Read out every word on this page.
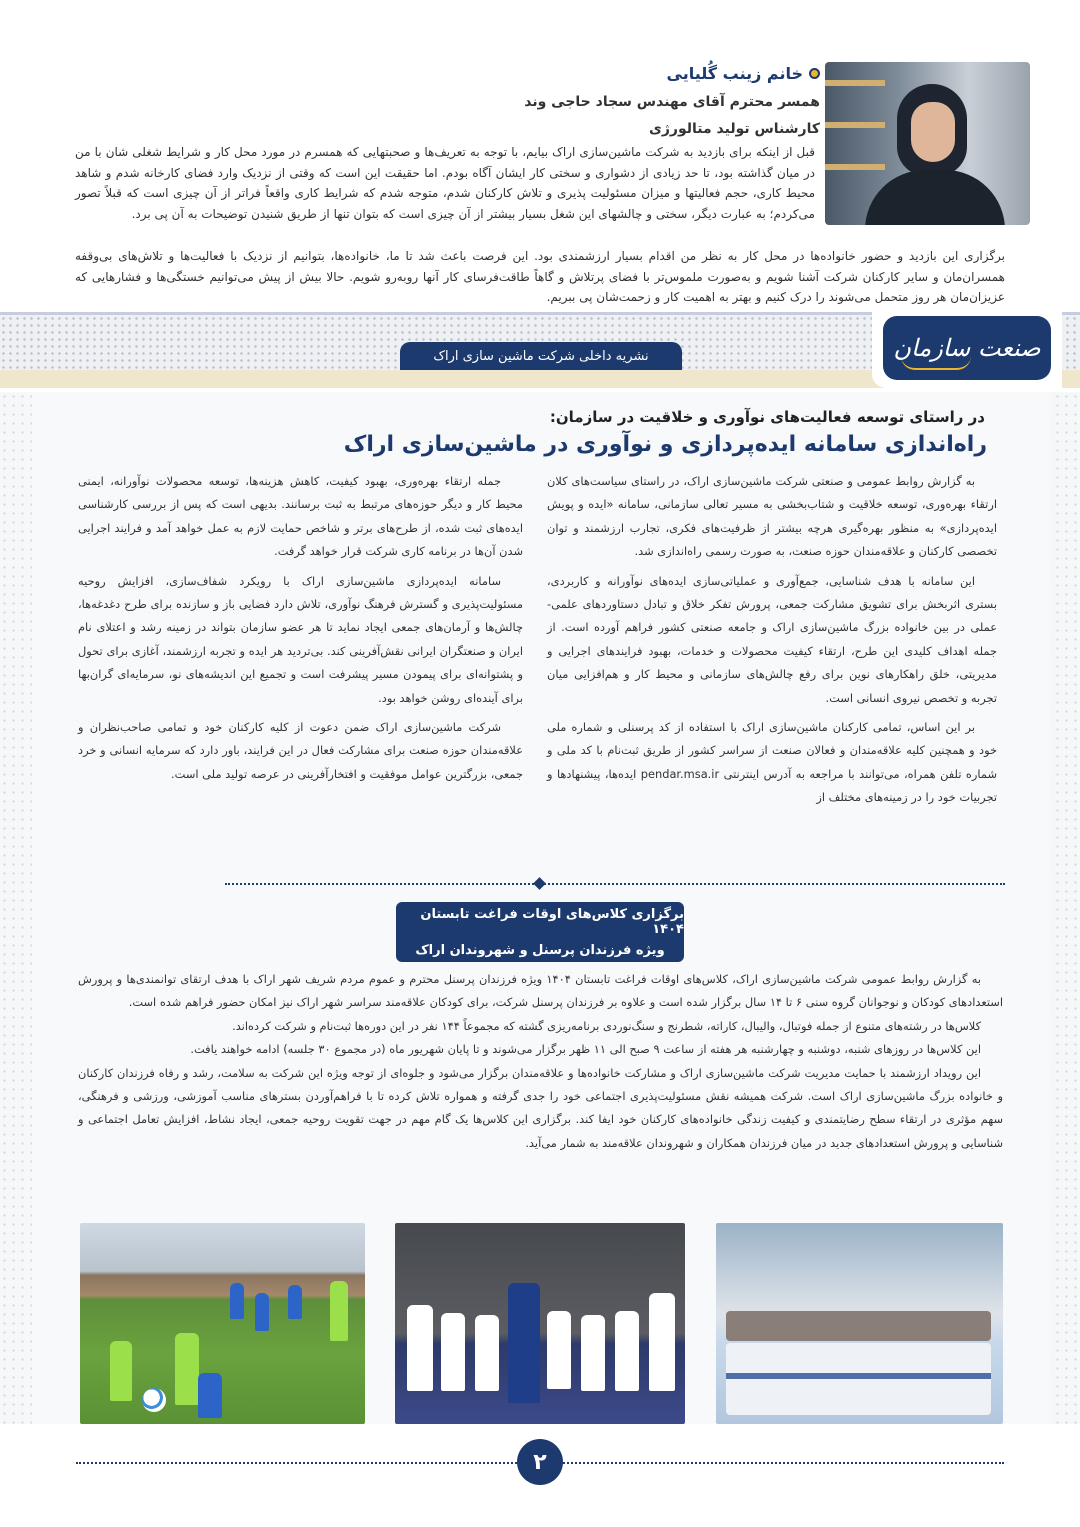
خانم زینب گُلیایی
همسر محترم آقای مهندس سجاد حاجی وند
کارشناس تولید متالورژی
قبل از اینکه برای بازدید به شرکت ماشین‌سازی اراک بیایم، با توجه به تعریف‌ها و صحبتهایی که همسرم در مورد محل کار و شرایط شغلی شان با من در میان گذاشته بود، تا حد زیادی از دشواری و سختی کار ایشان آگاه بودم. اما حقیقت این است که وقتی از نزدیک وارد فضای کارخانه شدم و شاهد محیط کاری، حجم فعالیتها و میزان مسئولیت پذیری و تلاش کارکنان شدم، متوجه شدم که شرایط کاری واقعاً فراتر از آن چیزی است که قبلاً تصور می‌کردم؛ به عبارت دیگر، سختی و چالشهای این شغل بسیار بیشتر از آن چیزی است که بتوان تنها از طریق شنیدن توضیحات به آن پی برد.
برگزاری این بازدید و حضور خانواده‌ها در محل کار به نظر من اقدام بسیار ارزشمندی بود. این فرصت باعث شد تا ما، خانواده‌ها، بتوانیم از نزدیک با فعالیت‌ها و تلاش‌های بی‌وقفه همسران‌مان و سایر کارکنان شرکت آشنا شویم و به‌صورت ملموس‌تر با فضای پرتلاش و گاهاً طاقت‌فرسای کار آنها روبه‌رو شویم. حالا بیش از پیش می‌توانیم خستگی‌ها و فشارهایی که عزیزان‌مان هر روز متحمل می‌شوند را درک کنیم و بهتر به اهمیت کار و زحمت‌شان پی ببریم.
صنعت سازمان
نشریه داخلی شرکت ماشین سازی اراک
در راستای توسعه فعالیت‌های نوآوری و خلاقیت در سازمان:
راه‌اندازی سامانه ایده‌پردازی و نوآوری در ماشین‌سازی اراک

به گزارش روابط عمومی و صنعتی شرکت ماشین‌سازی اراک، در راستای سیاست‌های کلان ارتقاء بهره‌وری، توسعه خلاقیت و شتاب‌بخشی به مسیر تعالی سازمانی، سامانه «ایده و پویش ایده‌پردازی» به منظور بهره‌گیری هرچه بیشتر از ظرفیت‌های فکری، تجارب ارزشمند و توان تخصصی کارکنان و علاقه‌مندان حوزه صنعت، به صورت رسمی راه‌اندازی شد.

این سامانه با هدف شناسایی، جمع‌آوری و عملیاتی‌سازی ایده‌های نوآورانه و کاربردی، بستری اثربخش برای تشویق مشارکت جمعی، پرورش تفکر خلاق و تبادل دستاوردهای علمی-عملی در بین خانواده بزرگ ماشین‌سازی اراک و جامعه صنعتی کشور فراهم آورده است. از جمله اهداف کلیدی این طرح، ارتقاء کیفیت محصولات و خدمات، بهبود فرایندهای اجرایی و مدیریتی، خلق راهکارهای نوین برای رفع چالش‌های سازمانی و محیط کار و هم‌افزایی میان تجربه و تخصص نیروی انسانی است.

بر این اساس، تمامی کارکنان ماشین‌سازی اراک با استفاده از کد پرسنلی و شماره ملی خود و همچنین کلیه علاقه‌مندان و فعالان صنعت از سراسر کشور از طریق ثبت‌نام با کد ملی و شماره تلفن همراه، می‌توانند با مراجعه به آدرس اینترنتی pendar.msa.ir ایده‌ها، پیشنهادها و تجربیات خود را در زمینه‌های مختلف از

جمله ارتقاء بهره‌وری، بهبود کیفیت، کاهش هزینه‌ها، توسعه محصولات نوآورانه، ایمنی محیط کار و دیگر حوزه‌های مرتبط به ثبت برسانند. بدیهی است که پس از بررسی کارشناسی ایده‌های ثبت شده، از طرح‌های برتر و شاخص حمایت لازم به عمل خواهد آمد و فرایند اجرایی شدن آن‌ها در برنامه کاری شرکت قرار خواهد گرفت.

سامانه ایده‌پردازی ماشین‌سازی اراک با رویکرد شفاف‌سازی، افزایش روحیه مسئولیت‌پذیری و گسترش فرهنگ نوآوری، تلاش دارد فضایی باز و سازنده برای طرح دغدغه‌ها، چالش‌ها و آرمان‌های جمعی ایجاد نماید تا هر عضو سازمان بتواند در زمینه رشد و اعتلای نام ایران و صنعتگران ایرانی نقش‌آفرینی کند. بی‌تردید هر ایده و تجربه ارزشمند، آغازی برای تحول و پشتوانه‌ای برای پیمودن مسیر پیشرفت است و تجمیع این اندیشه‌های نو، سرمایه‌ای گران‌بها برای آینده‌ای روشن خواهد بود.

شرکت ماشین‌سازی اراک ضمن دعوت از کلیه کارکنان خود و تمامی صاحب‌نظران و علاقه‌مندان حوزه صنعت برای مشارکت فعال در این فرایند، باور دارد که سرمایه انسانی و خرد جمعی، بزرگترین عوامل موفقیت و افتخارآفرینی در عرصه تولید ملی است.

برگزاری کلاس‌های اوقات فراغت تابستان ۱۴۰۴
ویژه فرزندان پرسنل و شهروندان اراک

به گزارش روابط عمومی شرکت ماشین‌سازی اراک، کلاس‌های اوقات فراغت تابستان ۱۴۰۴ ویژه فرزندان پرسنل محترم و عموم مردم شریف شهر اراک با هدف ارتقای توانمندی‌ها و پرورش استعدادهای کودکان و نوجوانان گروه سنی ۶ تا ۱۴ سال برگزار شده است و علاوه بر فرزندان پرسنل شرکت، برای کودکان علاقه‌مند سراسر شهر اراک نیز امکان حضور فراهم شده است.

کلاس‌ها در رشته‌های متنوع از جمله فوتبال، والیبال، کاراته، شطرنج و سنگ‌نوردی برنامه‌ریزی گشته که مجموعاً ۱۴۴ نفر در این دوره‌ها ثبت‌نام و شرکت کرده‌اند.

این کلاس‌ها در روزهای شنبه، دوشنبه و چهارشنبه هر هفته از ساعت ۹ صبح الی ۱۱ ظهر برگزار می‌شوند و تا پایان شهریور ماه (در مجموع ۳۰ جلسه) ادامه خواهند یافت.

این رویداد ارزشمند با حمایت مدیریت شرکت ماشین‌سازی اراک و مشارکت خانواده‌ها و علاقه‌مندان برگزار می‌شود و جلوه‌ای از توجه ویژه این شرکت به سلامت، رشد و رفاه فرزندان کارکنان و خانواده بزرگ ماشین‌سازی اراک است. شرکت همیشه نقش مسئولیت‌پذیری اجتماعی خود را جدی گرفته و همواره تلاش کرده تا با فراهم‌آوردن بسترهای مناسب آموزشی، ورزشی و فرهنگی، سهم مؤثری در ارتقاء سطح رضایتمندی و کیفیت زندگی خانواده‌های کارکنان خود ایفا کند. برگزاری این کلاس‌ها یک گام مهم در جهت تقویت روحیه جمعی، ایجاد نشاط، افزایش تعامل اجتماعی و شناسایی و پرورش استعدادهای جدید در میان فرزندان همکاران و شهروندان علاقه‌مند به شمار می‌آید.

۲
